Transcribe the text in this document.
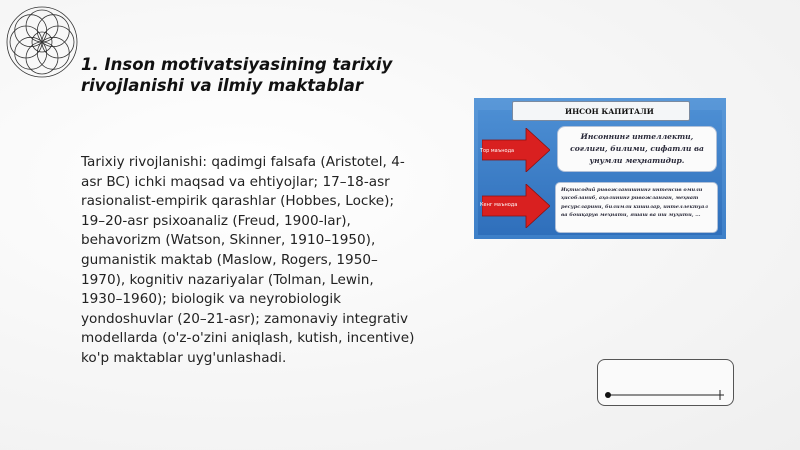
1. Inson motivatsiyasining tarixiy rivojlanishi va ilmiy maktablar
Tarixiy rivojlanishi: qadimgi falsafa (Aristotel, 4-asr BC) ichki maqsad va ehtiyojlar; 17–18-asr rasionalist-empirik qarashlar (Hobbes, Locke); 19–20-asr psixoanaliz (Freud, 1900-lar), behavorizm (Watson, Skinner, 1910–1950), gumanistik maktab (Maslow, Rogers, 1950–1970), kognitiv nazariyalar (Tolman, Lewin, 1930–1960); biologik va neyrobiologik yondoshuvlar (20–21-asr); zamonaviy integrativ modellarda (o'z-o'zini aniqlash, kutish, incentive) ko'p maktablar uyg'unlashadi.
ИНСОН КАПИТАЛИ
Тор маънода
Кенг маънода
Инсоннинг интеллекти, соғлиги, билими, сифатли ва унумли меҳнатидир.
Иқтисодий ривожланишнинг интенсив омили ҳисобланиб, аҳолининг ривожланган, меҳнат ресурсларини, билимли кишилар, интеллектуал ва бошқарув меҳнати, яшаш ва иш муҳити, ...
